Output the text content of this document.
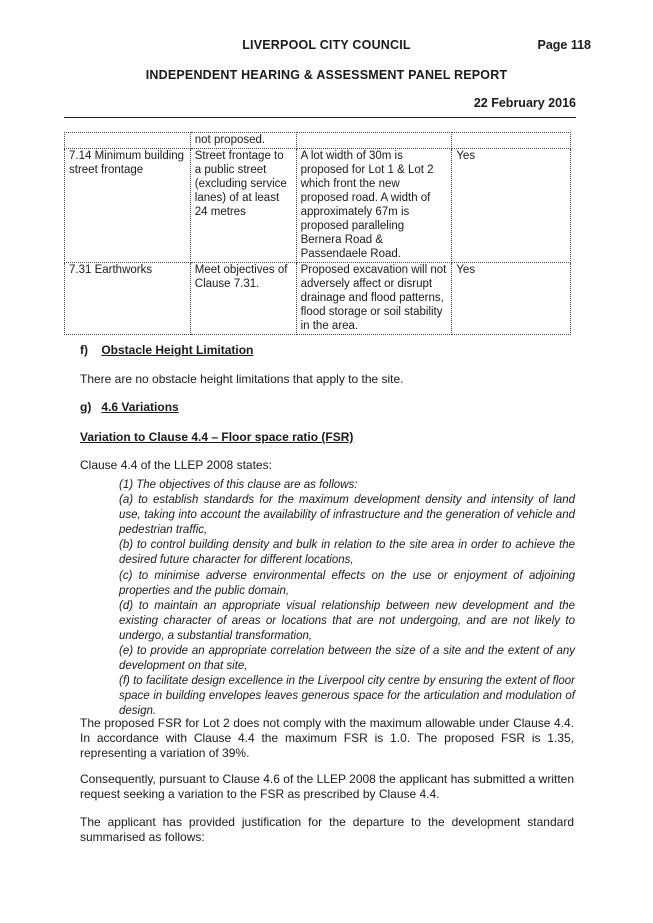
LIVERPOOL CITY COUNCIL	Page 118
INDEPENDENT HEARING & ASSESSMENT PANEL REPORT
22 February 2016
	not proposed.		
7.14 Minimum building street frontage	Street frontage to a public street (excluding service lanes) of at least 24 metres	A lot width of 30m is proposed for Lot 1 & Lot 2 which front the new proposed road. A width of approximately 67m is proposed paralleling Bernera Road & Passendaele Road.	Yes
7.31 Earthworks	Meet objectives of Clause 7.31.	Proposed excavation will not adversely affect or disrupt drainage and flood patterns, flood storage or soil stability in the area.	Yes
f) Obstacle Height Limitation
There are no obstacle height limitations that apply to the site.
g) 4.6 Variations
Variation to Clause 4.4 – Floor space ratio (FSR)
Clause 4.4 of the LLEP 2008 states:

(1) The objectives of this clause are as follows:

(a) to establish standards for the maximum development density and intensity of land use, taking into account the availability of infrastructure and the generation of vehicle and pedestrian traffic,

(b) to control building density and bulk in relation to the site area in order to achieve the desired future character for different locations,

(c) to minimise adverse environmental effects on the use or enjoyment of adjoining properties and the public domain,

(d) to maintain an appropriate visual relationship between new development and the existing character of areas or locations that are not undergoing, and are not likely to undergo, a substantial transformation,

(e) to provide an appropriate correlation between the size of a site and the extent of any development on that site,

(f) to facilitate design excellence in the Liverpool city centre by ensuring the extent of floor space in building envelopes leaves generous space for the articulation and modulation of design.

The proposed FSR for Lot 2 does not comply with the maximum allowable under Clause 4.4. In accordance with Clause 4.4 the maximum FSR is 1.0. The proposed FSR is 1.35, representing a variation of 39%.
Consequently, pursuant to Clause 4.6 of the LLEP 2008 the applicant has submitted a written request seeking a variation to the FSR as prescribed by Clause 4.4.
The applicant has provided justification for the departure to the development standard summarised as follows:
